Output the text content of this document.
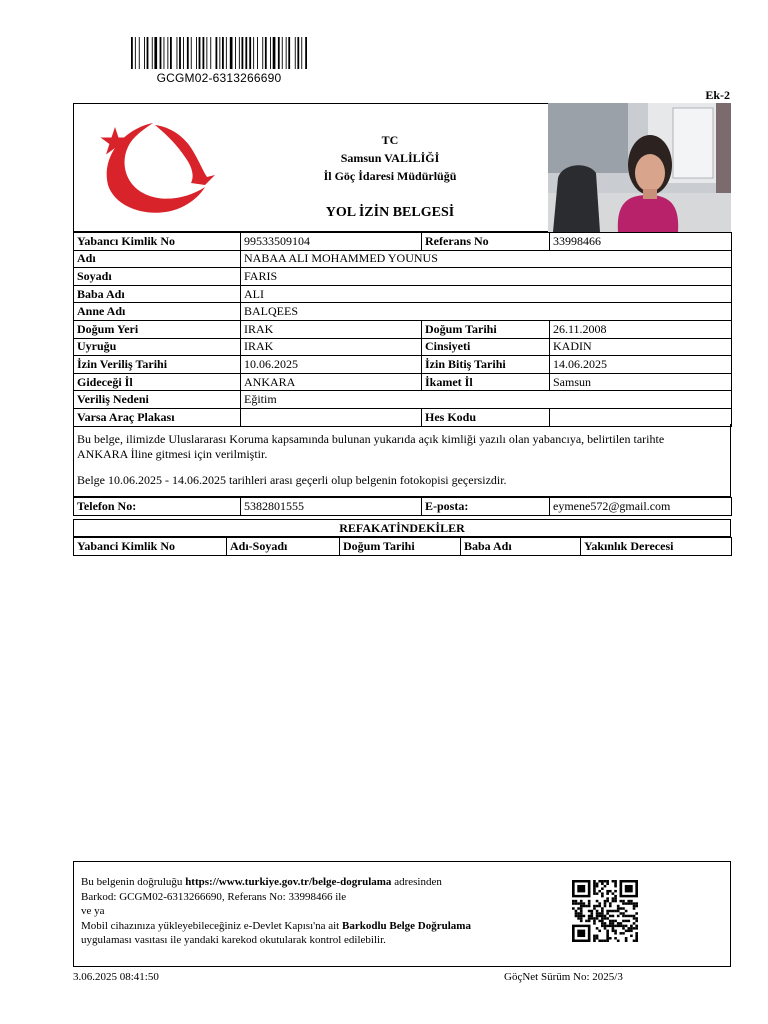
GCGM02-6313266690
Ek-2
TC
Samsun VALİLİĞİ
İl Göç İdaresi Müdürlüğü
YOL İZİN BELGESİ
Yabancı Kimlik No	99533509104	Referans No	33998466
Adı	NABAA ALI MOHAMMED YOUNUS		
Soyadı	FARIS		
Baba Adı	ALI		
Anne Adı	BALQEES		
Doğum Yeri	IRAK	Doğum Tarihi	26.11.2008
Uyruğu	IRAK	Cinsiyeti	KADIN
İzin Veriliş Tarihi	10.06.2025	İzin Bitiş Tarihi	14.06.2025
Gideceği İl	ANKARA	İkamet İl	Samsun
Veriliş Nedeni	Eğitim		
Varsa Araç Plakası		Hes Kodu	

Bu belge, ilimizde Uluslararası Koruma kapsamında bulunan yukarıda açık kimliği yazılı olan yabancıya, belirtilen tarihte

ANKARA İline gitmesi için verilmiştir.

Belge 10.06.2025 - 14.06.2025 tarihleri arası geçerli olup belgenin fotokopisi geçersizdir.

Telefon No:	5382801555	E-posta:	eymene572@gmail.com
REFAKATİNDEKİLER
Yabanci Kimlik No	Adı-Soyadı	Doğum Tarihi	Baba Adı	Yakınlık Derecesi
Bu belgenin doğruluğu https://www.turkiye.gov.tr/belge-dogrulama adresinden
Barkod: GCGM02-6313266690, Referans No: 33998466 ile
ve ya
Mobil cihazınıza yükleyebileceğiniz e-Devlet Kapısı'na ait Barkodlu Belge Doğrulama
uygulaması vasıtası ile yandaki karekod okutularak kontrol edilebilir.
3.06.2025 08:41:50	GöçNet Sürüm No: 2025/3
